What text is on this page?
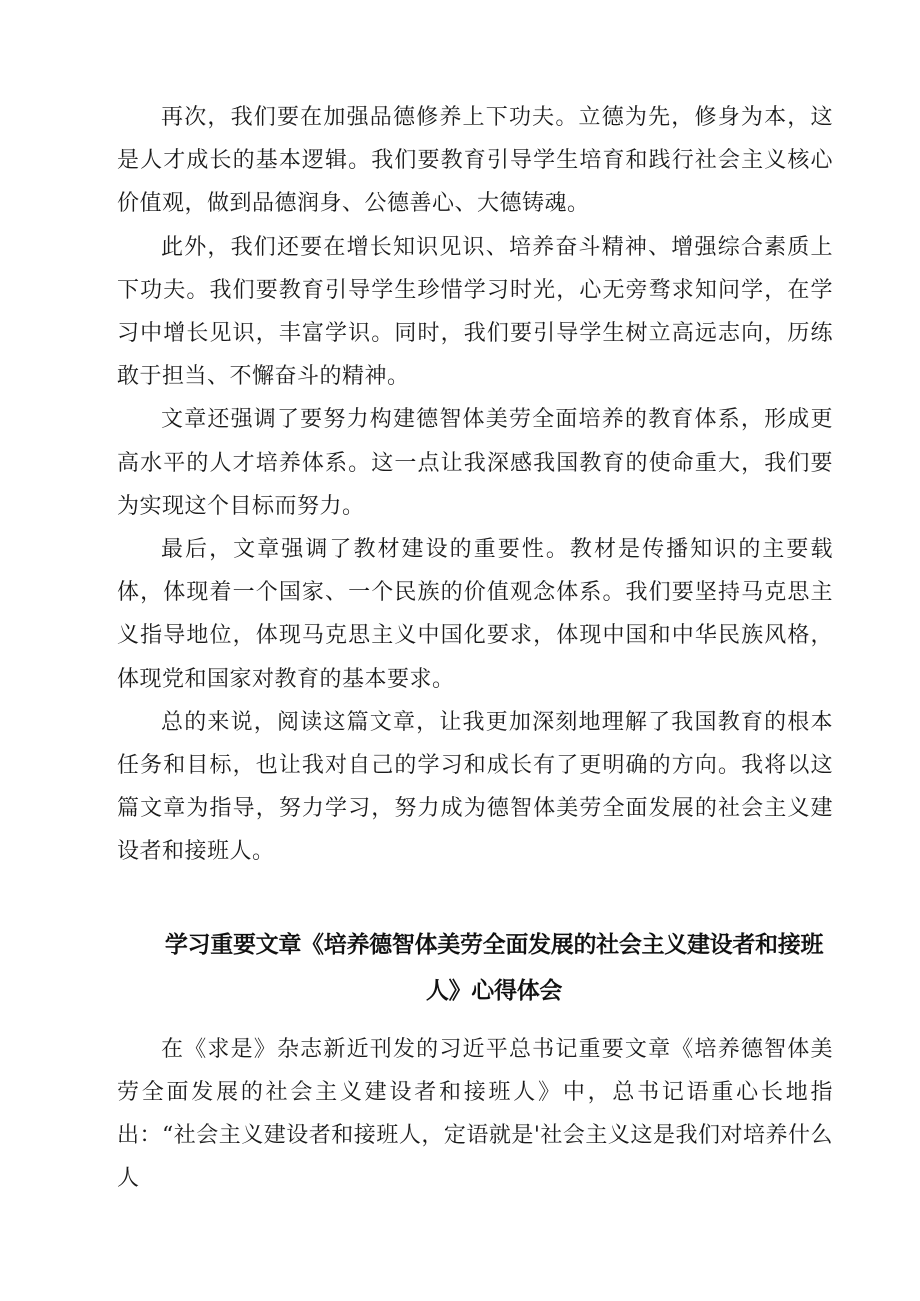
再次，我们要在加强品德修养上下功夫。立德为先，修身为本，这是人才成长的基本逻辑。我们要教育引导学生培育和践行社会主义核心价值观，做到品德润身、公德善心、大德铸魂。

此外，我们还要在增长知识见识、培养奋斗精神、增强综合素质上下功夫。我们要教育引导学生珍惜学习时光，心无旁骛求知问学，在学习中增长见识，丰富学识。同时，我们要引导学生树立高远志向，历练敢于担当、不懈奋斗的精神。

文章还强调了要努力构建德智体美劳全面培养的教育体系，形成更高水平的人才培养体系。这一点让我深感我国教育的使命重大，我们要为实现这个目标而努力。

最后，文章强调了教材建设的重要性。教材是传播知识的主要载体，体现着一个国家、一个民族的价值观念体系。我们要坚持马克思主义指导地位，体现马克思主义中国化要求，体现中国和中华民族风格，体现党和国家对教育的基本要求。

总的来说，阅读这篇文章，让我更加深刻地理解了我国教育的根本任务和目标，也让我对自己的学习和成长有了更明确的方向。我将以这篇文章为指导，努力学习，努力成为德智体美劳全面发展的社会主义建设者和接班人。

学习重要文章《培养德智体美劳全面发展的社会主义建设者和接班人》心得体会

在《求是》杂志新近刊发的习近平总书记重要文章《培养德智体美劳全面发展的社会主义建设者和接班人》中，总书记语重心长地指出：“社会主义建设者和接班人，定语就是'社会主义这是我们对培养什么人
